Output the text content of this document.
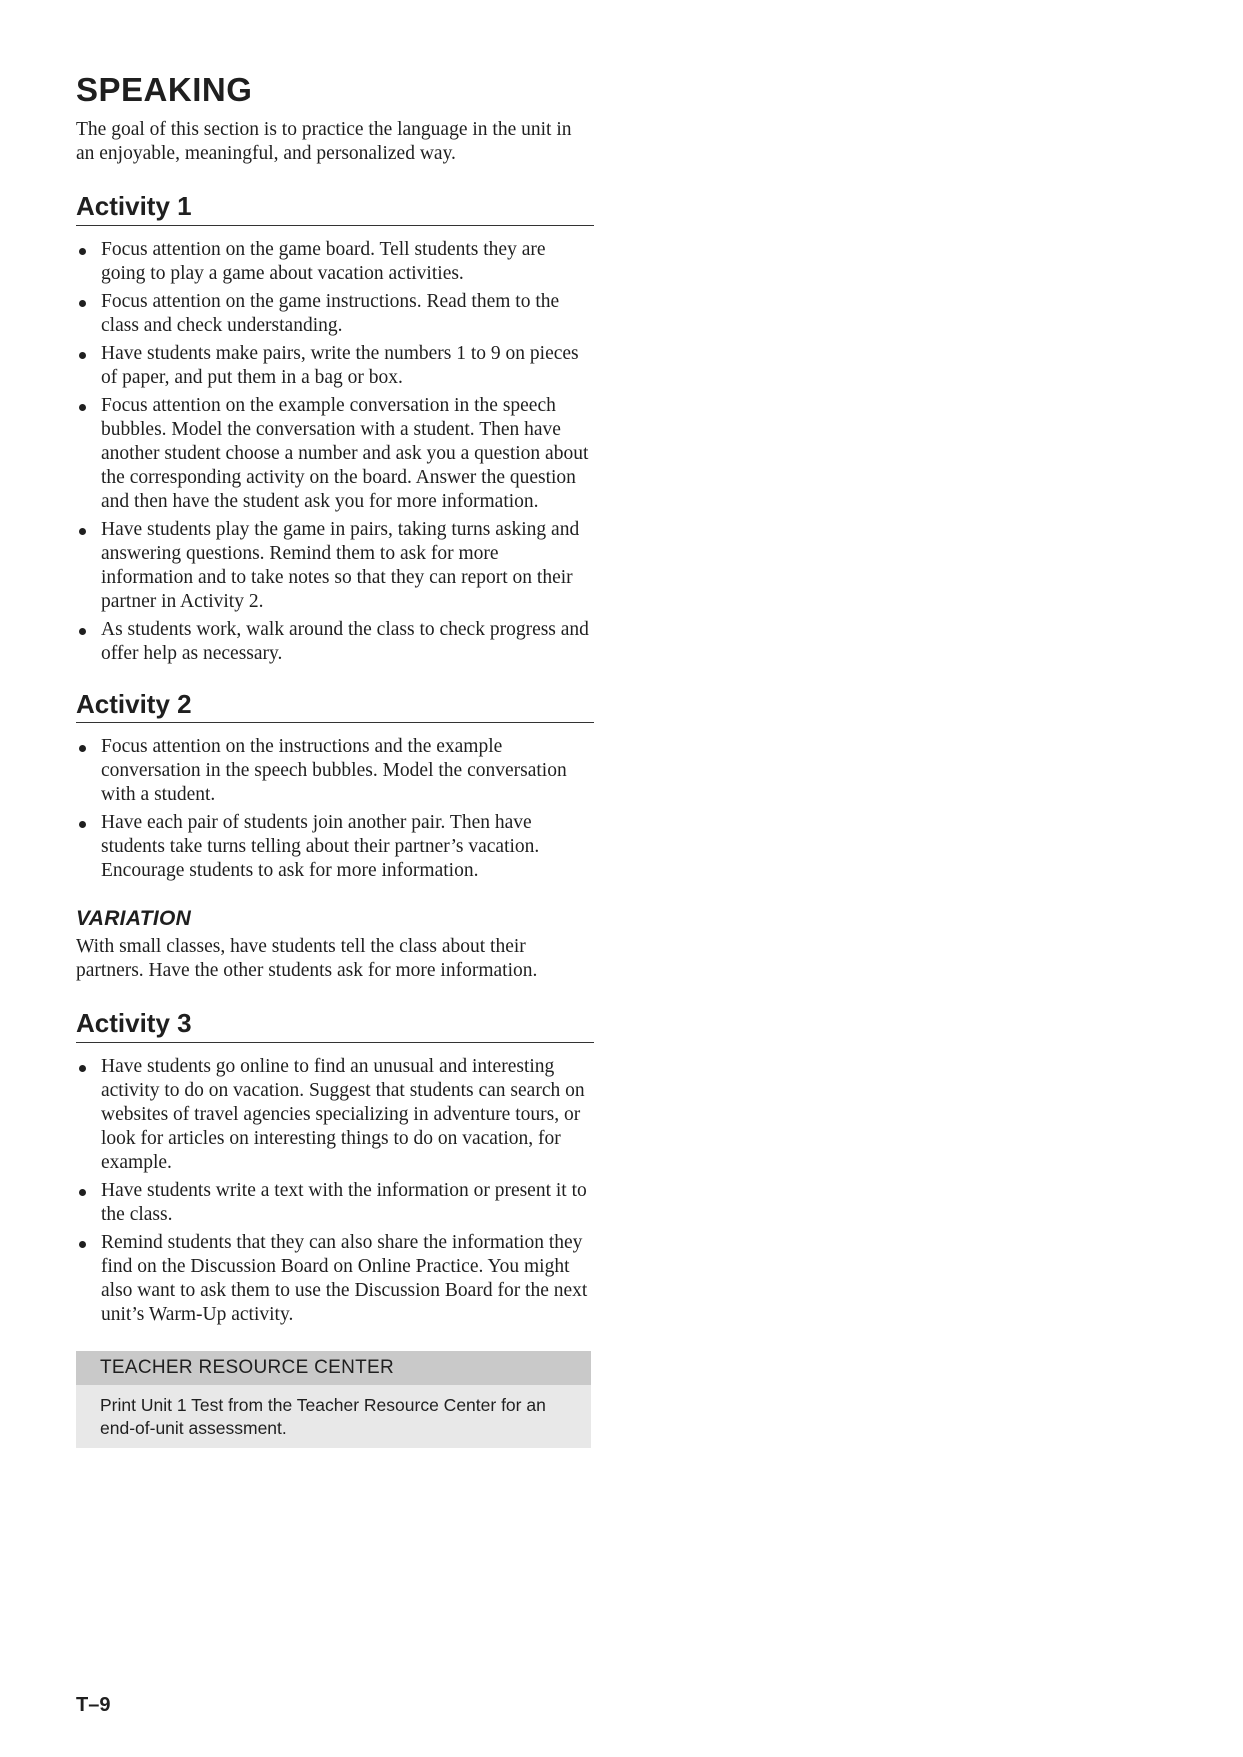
SPEAKING

The goal of this section is to practice the language in the unit in an enjoyable, meaningful, and personalized way.

Activity 1
Focus attention on the game board. Tell students they are going to play a game about vacation activities.
Focus attention on the game instructions. Read them to the class and check understanding.
Have students make pairs, write the numbers 1 to 9 on pieces of paper, and put them in a bag or box.
Focus attention on the example conversation in the speech bubbles. Model the conversation with a student. Then have another student choose a number and ask you a question about the corresponding activity on the board. Answer the question and then have the student ask you for more information.
Have students play the game in pairs, taking turns asking and answering questions. Remind them to ask for more information and to take notes so that they can report on their partner in Activity 2.
As students work, walk around the class to check progress and offer help as necessary.
Activity 2
Focus attention on the instructions and the example conversation in the speech bubbles. Model the conversation with a student.
Have each pair of students join another pair. Then have students take turns telling about their partner’s vacation. Encourage students to ask for more information.
VARIATION

With small classes, have students tell the class about their partners. Have the other students ask for more information.

Activity 3
Have students go online to find an unusual and interesting activity to do on vacation. Suggest that students can search on websites of travel agencies specializing in adventure tours, or look for articles on interesting things to do on vacation, for example.
Have students write a text with the information or present it to the class.
Remind students that they can also share the information they find on the Discussion Board on Online Practice. You might also want to ask them to use the Discussion Board for the next unit’s Warm-Up activity.
TEACHER RESOURCE CENTER
Print Unit 1 Test from the Teacher Resource Center for an end-of-unit assessment.
T–9
